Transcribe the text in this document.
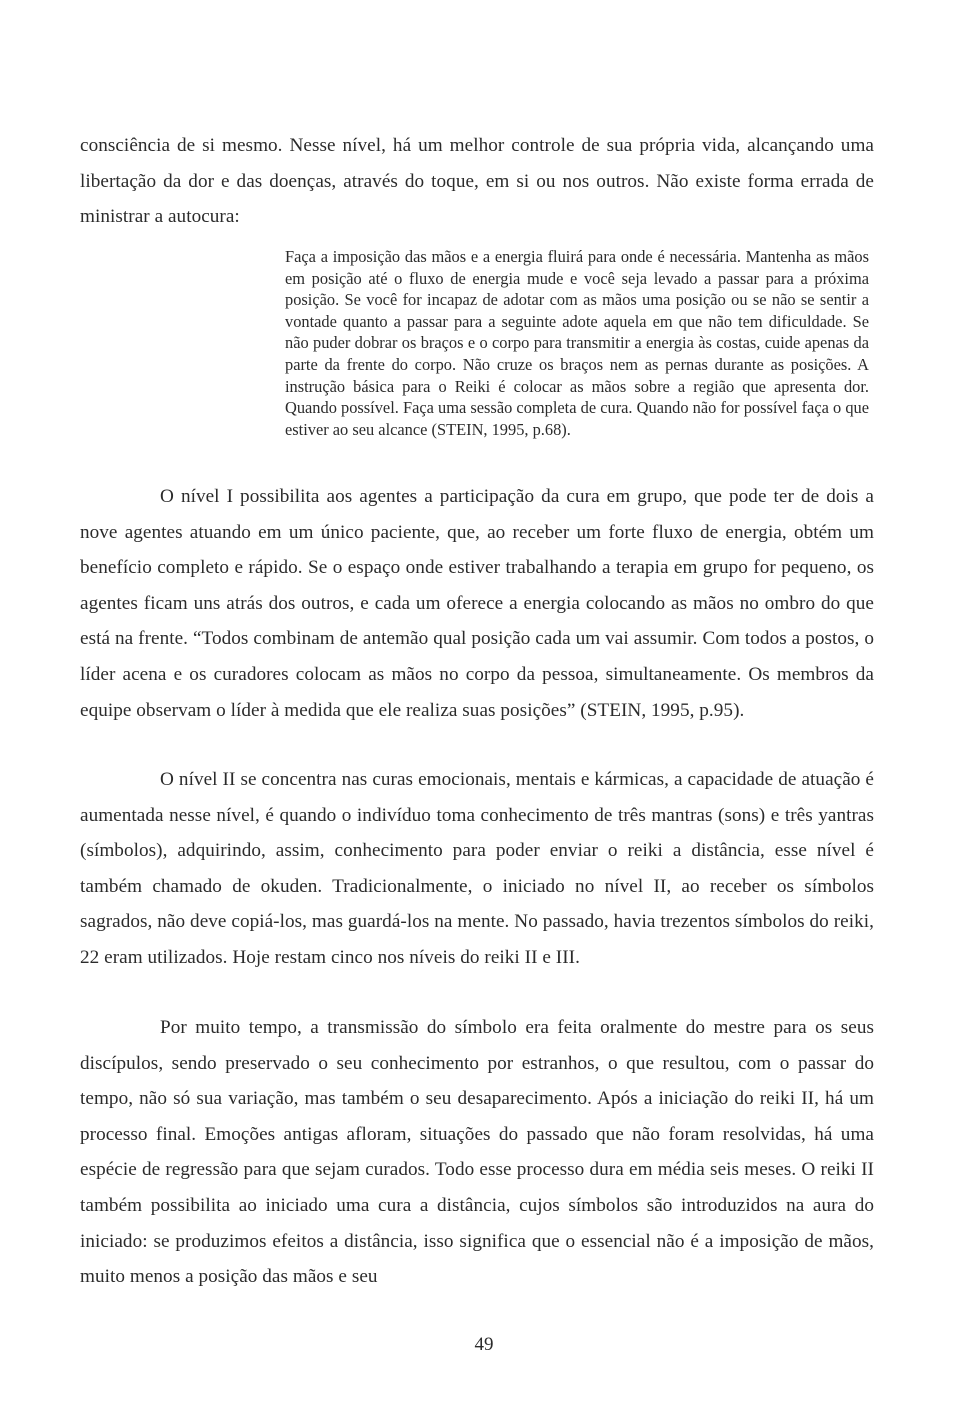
consciência de si mesmo. Nesse nível, há um melhor controle de sua própria vida, alcançando uma libertação da dor e das doenças, através do toque, em si ou nos outros. Não existe forma errada de ministrar a autocura:

Faça a imposição das mãos e a energia fluirá para onde é necessária. Mantenha as mãos em posição até o fluxo de energia mude e você seja levado a passar para a próxima posição. Se você for incapaz de adotar com as mãos uma posição ou se não se sentir a vontade quanto a passar para a seguinte adote aquela em que não tem dificuldade. Se não puder dobrar os braços e o corpo para transmitir a energia às costas, cuide apenas da parte da frente do corpo. Não cruze os braços nem as pernas durante as posições. A instrução básica para o Reiki é colocar as mãos sobre a região que apresenta dor. Quando possível. Faça uma sessão completa de cura. Quando não for possível faça o que estiver ao seu alcance (STEIN, 1995, p.68).

O nível I possibilita aos agentes a participação da cura em grupo, que pode ter de dois a nove agentes atuando em um único paciente, que, ao receber um forte fluxo de energia, obtém um benefício completo e rápido. Se o espaço onde estiver trabalhando a terapia em grupo for pequeno, os agentes ficam uns atrás dos outros, e cada um oferece a energia colocando as mãos no ombro do que está na frente. “Todos combinam de antemão qual posição cada um vai assumir. Com todos a postos, o líder acena e os curadores colocam as mãos no corpo da pessoa, simultaneamente. Os membros da equipe observam o líder à medida que ele realiza suas posições” (STEIN, 1995, p.95).

O nível II se concentra nas curas emocionais, mentais e kármicas, a capacidade de atuação é aumentada nesse nível, é quando o indivíduo toma conhecimento de três mantras (sons) e três yantras (símbolos), adquirindo, assim, conhecimento para poder enviar o reiki a distância, esse nível é também chamado de okuden. Tradicionalmente, o iniciado no nível II, ao receber os símbolos sagrados, não deve copiá-los, mas guardá-los na mente. No passado, havia trezentos símbolos do reiki, 22 eram utilizados. Hoje restam cinco nos níveis do reiki II e III.

Por muito tempo, a transmissão do símbolo era feita oralmente do mestre para os seus discípulos, sendo preservado o seu conhecimento por estranhos, o que resultou, com o passar do tempo, não só sua variação, mas também o seu desaparecimento. Após a iniciação do reiki II, há um processo final. Emoções antigas afloram, situações do passado que não foram resolvidas, há uma espécie de regressão para que sejam curados. Todo esse processo dura em média seis meses. O reiki II também possibilita ao iniciado uma cura a distância, cujos símbolos são introduzidos na aura do iniciado: se produzimos efeitos a distância, isso significa que o essencial não é a imposição de mãos, muito menos a posição das mãos e seu

49
